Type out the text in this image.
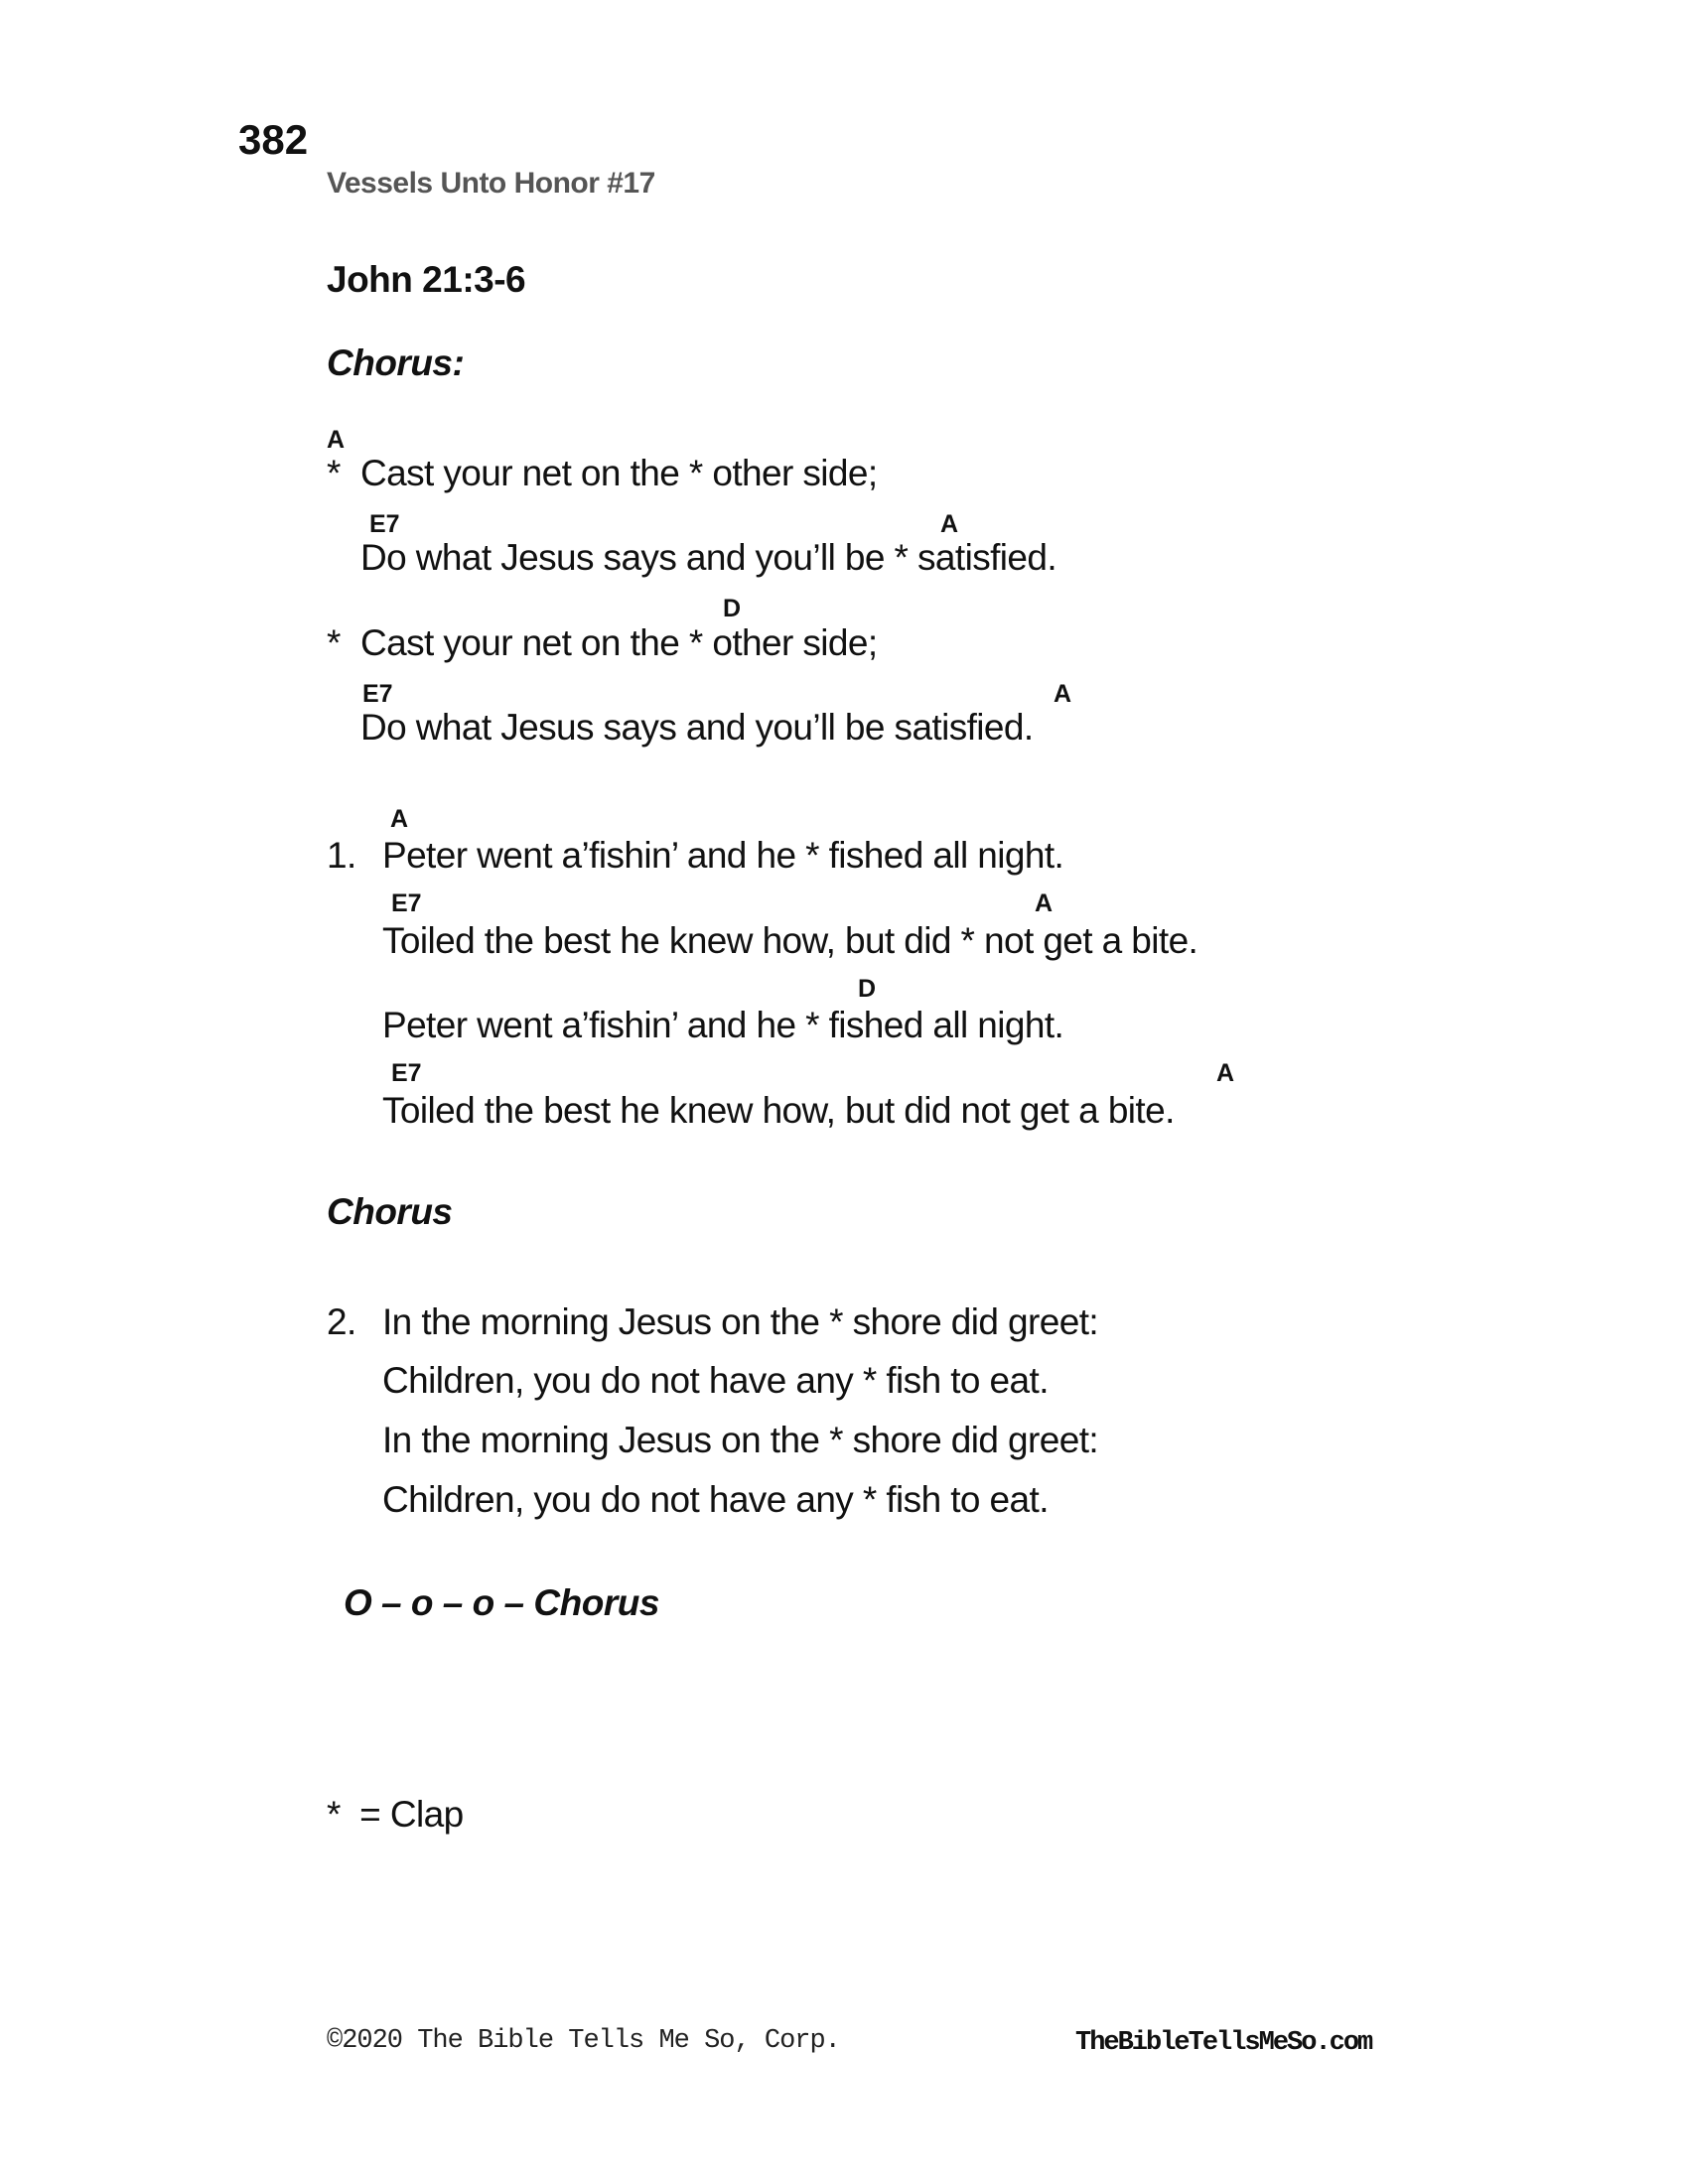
382
Vessels Unto Honor #17
John 21:3-6
Chorus:
A
* Cast your net on the * other side;
E7	A
Do what Jesus says and you’ll be * satisfied.
D
* Cast your net on the * other side;
E7	A
Do what Jesus says and you’ll be satisfied.
A
1. Peter went a’fishin’ and he * fished all night.
E7	A
Toiled the best he knew how, but did * not get a bite.
D
Peter went a’fishin’ and he * fished all night.
E7	A
Toiled the best he knew how, but did not get a bite.
Chorus
2. In the morning Jesus on the * shore did greet:
Children, you do not have any * fish to eat.
In the morning Jesus on the * shore did greet:
Children, you do not have any * fish to eat.
O – o – o – Chorus
*  = Clap
©2020 The Bible Tells Me So, Corp.	TheBibleTellsMeSo.com
